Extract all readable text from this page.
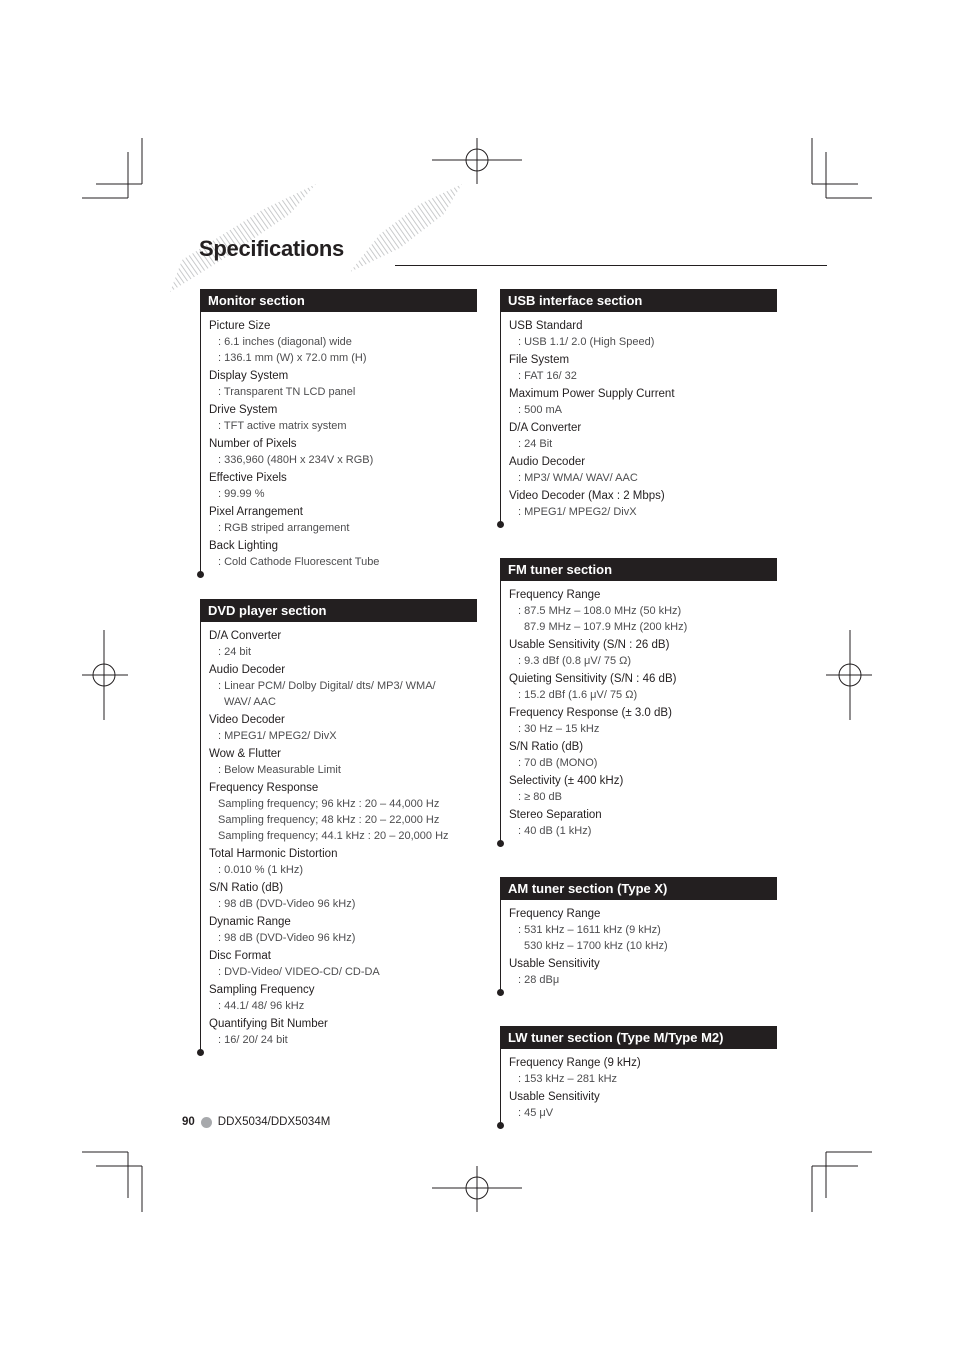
Specifications
Monitor section
Picture Size
: 6.1 inches (diagonal) wide
: 136.1 mm (W) x 72.0 mm (H)
Display System
: Transparent TN LCD panel
Drive System
: TFT active matrix system
Number of Pixels
: 336,960 (480H x 234V x RGB)
Effective Pixels
: 99.99 %
Pixel Arrangement
: RGB striped arrangement
Back Lighting
: Cold Cathode Fluorescent Tube
DVD player section
D/A Converter
: 24 bit
Audio Decoder
: Linear PCM/ Dolby Digital/ dts/ MP3/ WMA/
WAV/ AAC
Video Decoder
: MPEG1/ MPEG2/ DivX
Wow & Flutter
: Below Measurable Limit
Frequency Response
Sampling frequency; 96 kHz : 20 – 44,000 Hz
Sampling frequency; 48 kHz : 20 – 22,000 Hz
Sampling frequency; 44.1 kHz : 20 – 20,000 Hz
Total Harmonic Distortion
: 0.010 % (1 kHz)
S/N Ratio (dB)
: 98 dB (DVD-Video 96 kHz)
Dynamic Range
: 98 dB (DVD-Video 96 kHz)
Disc Format
: DVD-Video/ VIDEO-CD/ CD-DA
Sampling Frequency
: 44.1/ 48/ 96 kHz
Quantifying Bit Number
: 16/ 20/ 24 bit
USB interface section
USB Standard
: USB 1.1/ 2.0 (High Speed)
File System
: FAT 16/ 32
Maximum Power Supply Current
: 500 mA
D/A Converter
: 24 Bit
Audio Decoder
: MP3/ WMA/ WAV/ AAC
Video Decoder (Max : 2 Mbps)
: MPEG1/ MPEG2/ DivX
FM tuner section
Frequency Range
: 87.5 MHz – 108.0 MHz (50 kHz)
87.9 MHz – 107.9 MHz (200 kHz)
Usable Sensitivity (S/N : 26 dB)
: 9.3 dBf (0.8 μV/ 75 Ω)
Quieting Sensitivity (S/N : 46 dB)
: 15.2 dBf (1.6 μV/ 75 Ω)
Frequency Response (± 3.0 dB)
: 30 Hz – 15 kHz
S/N Ratio (dB)
: 70 dB (MONO)
Selectivity (± 400 kHz)
: ≥ 80 dB
Stereo Separation
: 40 dB (1 kHz)
AM tuner section (Type X)
Frequency Range
: 531 kHz – 1611 kHz (9 kHz)
530 kHz – 1700 kHz (10 kHz)
Usable Sensitivity
: 28 dBμ
LW tuner section (Type M/Type M2)
Frequency Range (9 kHz)
: 153 kHz – 281 kHz
Usable Sensitivity
: 45 μV
90 DDX5034/DDX5034M
